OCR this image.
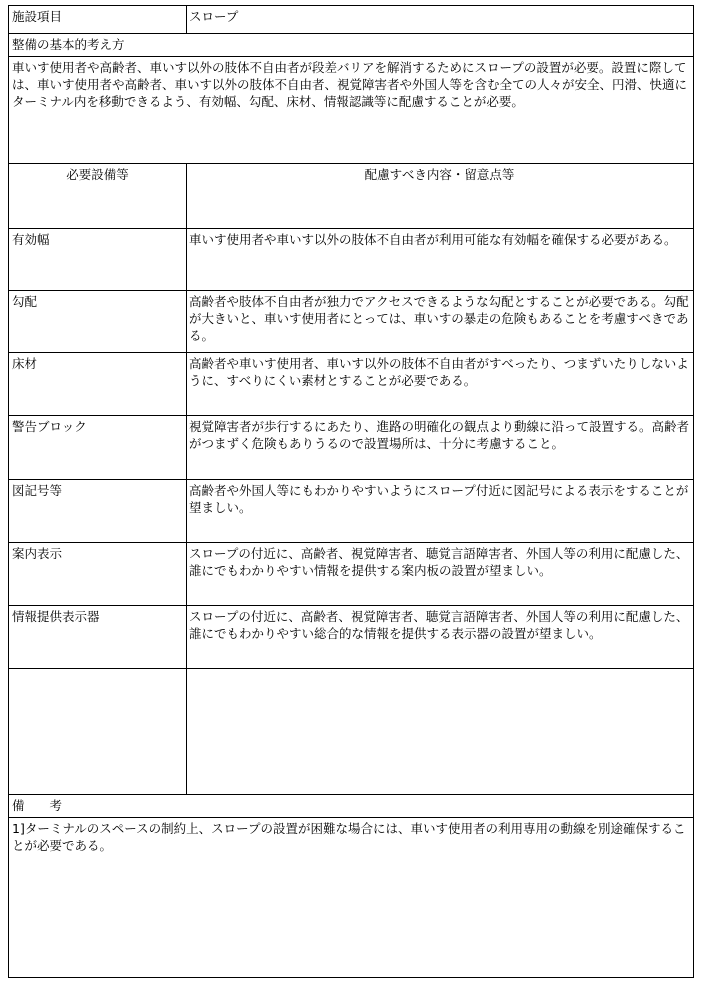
施設項目	スロープ
整備の基本的考え方
車いす使用者や高齢者、車いす以外の肢体不自由者が段差バリアを解消するためにスロープの設置が必要。設置に際しては、車いす使用者や高齢者、車いす以外の肢体不自由者、視覚障害者や外国人等を含む全ての人々が安全、円滑、快適にターミナル内を移動できるよう、有効幅、勾配、床材、情報認識等に配慮することが必要。
必要設備等	配慮すべき内容・留意点等
有効幅	車いす使用者や車いす以外の肢体不自由者が利用可能な有効幅を確保する必要がある。
勾配	高齢者や肢体不自由者が独力でアクセスできるような勾配とすることが必要である。勾配が大きいと、車いす使用者にとっては、車いすの暴走の危険もあることを考慮すべきである。
床材	高齢者や車いす使用者、車いす以外の肢体不自由者がすべったり、つまずいたりしないように、すべりにくい素材とすることが必要である。
警告ブロック	視覚障害者が歩行するにあたり、進路の明確化の観点より動線に沿って設置する。高齢者がつまずく危険もありうるので設置場所は、十分に考慮すること。
図記号等	高齢者や外国人等にもわかりやすいようにスロープ付近に図記号による表示をすることが望ましい。
案内表示	スロープの付近に、高齢者、視覚障害者、聴覚言語障害者、外国人等の利用に配慮した、誰にでもわかりやすい情報を提供する案内板の設置が望ましい。
情報提供表示器	スロープの付近に、高齢者、視覚障害者、聴覚言語障害者、外国人等の利用に配慮した、誰にでもわかりやすい総合的な情報を提供する表示器の設置が望ましい。
備　　考
1]ターミナルのスペースの制約上、スロープの設置が困難な場合には、車いす使用者の利用専用の動線を別途確保することが必要である。
